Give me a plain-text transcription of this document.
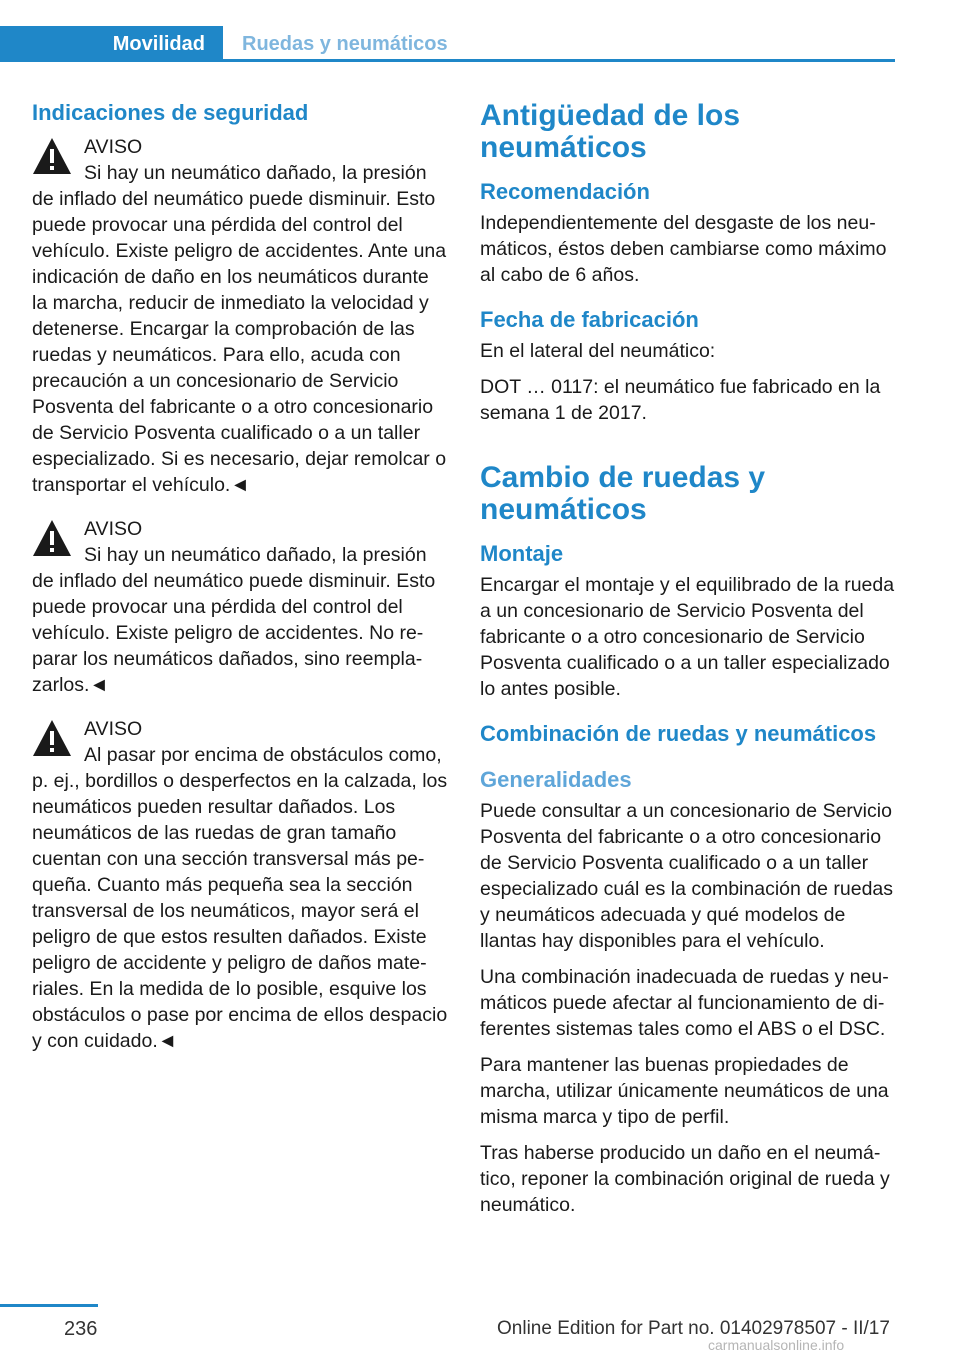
Movilidad	Ruedas y neumáticos
Indicaciones de seguridad
AVISO
Si hay un neumático dañado, la presión

de inflado del neumático puede disminuir. Esto puede provocar una pérdida del control del vehículo. Existe peligro de accidentes. Ante una indicación de daño en los neumáticos durante la marcha, reducir de inmediato la velocidad y detenerse. Encargar la comprobación de las ruedas y neumáticos. Para ello, acuda con precaución a un concesionario de Servicio Posventa del fabricante o a otro concesionario de Servicio Posventa cualificado o a un taller especializado. Si es necesario, dejar remolcar o transportar el vehículo.◄

AVISO
Si hay un neumático dañado, la presión

de inflado del neumático puede disminuir. Esto puede provocar una pérdida del control del vehículo. Existe peligro de accidentes. No reparar los neumáticos dañados, sino reemplazarlos.◄

AVISO
Al pasar por encima de obstáculos como,

p. ej., bordillos o desperfectos en la calzada, los neumáticos pueden resultar dañados. Los neumáticos de las ruedas de gran tamaño cuentan con una sección transversal más pequeña. Cuanto más pequeña sea la sección transversal de los neumáticos, mayor será el peligro de que estos resulten dañados. Existe peligro de accidente y peligro de daños materiales. En la medida de lo posible, esquive los obstáculos o pase por encima de ellos despacio y con cuidado.◄

Antigüedad de los neumáticos
Recomendación

Independientemente del desgaste de los neumáticos, éstos deben cambiarse como máximo al cabo de 6 años.

Fecha de fabricación

En el lateral del neumático:

DOT … 0117: el neumático fue fabricado en la semana 1 de 2017.

Cambio de ruedas y neumáticos
Montaje

Encargar el montaje y el equilibrado de la rueda a un concesionario de Servicio Posventa del fabricante o a otro concesionario de Servicio Posventa cualificado o a un taller especializado lo antes posible.

Combinación de ruedas y neumáticos
Generalidades

Puede consultar a un concesionario de Servicio Posventa del fabricante o a otro concesionario de Servicio Posventa cualificado o a un taller especializado cuál es la combinación de ruedas y neumáticos adecuada y qué modelos de llantas hay disponibles para el vehículo.

Una combinación inadecuada de ruedas y neumáticos puede afectar al funcionamiento de diferentes sistemas tales como el ABS o el DSC.

Para mantener las buenas propiedades de marcha, utilizar únicamente neumáticos de una misma marca y tipo de perfil.

Tras haberse producido un daño en el neumático, reponer la combinación original de rueda y neumático.

236	Online Edition for Part no. 01402978507 - II/17
carmanualsonline.info
